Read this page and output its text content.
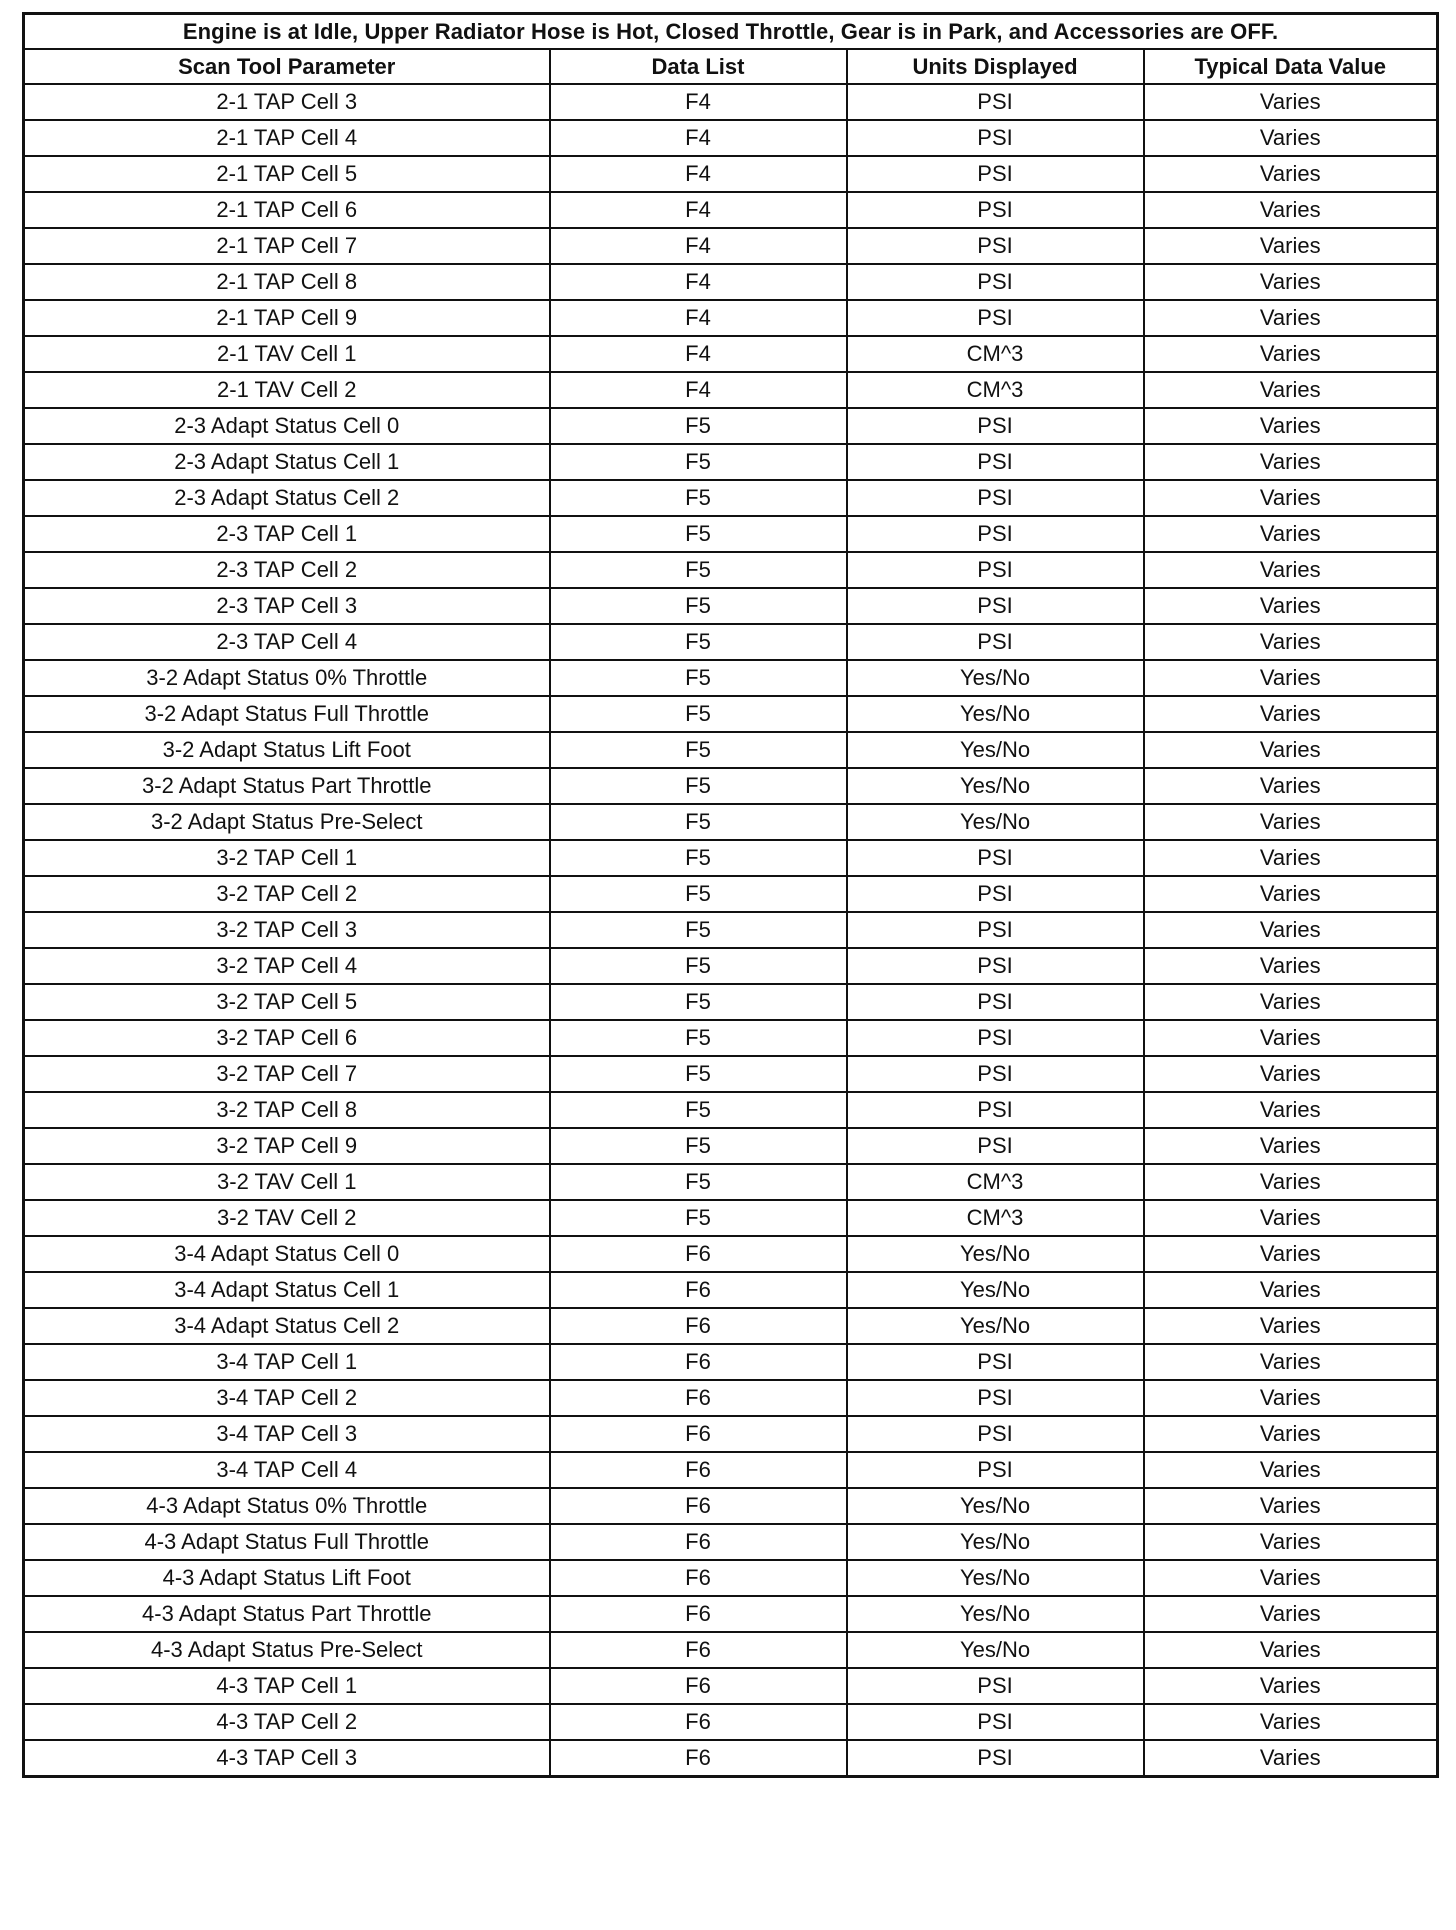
Engine is at Idle, Upper Radiator Hose is Hot, Closed Throttle, Gear is in Park, and Accessories are OFF.			
Scan Tool Parameter	Data List	Units Displayed	Typical Data Value
2-1 TAP Cell 3	F4	PSI	Varies
2-1 TAP Cell 4	F4	PSI	Varies
2-1 TAP Cell 5	F4	PSI	Varies
2-1 TAP Cell 6	F4	PSI	Varies
2-1 TAP Cell 7	F4	PSI	Varies
2-1 TAP Cell 8	F4	PSI	Varies
2-1 TAP Cell 9	F4	PSI	Varies
2-1 TAV Cell 1	F4	CM^3	Varies
2-1 TAV Cell 2	F4	CM^3	Varies
2-3 Adapt Status Cell 0	F5	PSI	Varies
2-3 Adapt Status Cell 1	F5	PSI	Varies
2-3 Adapt Status Cell 2	F5	PSI	Varies
2-3 TAP Cell 1	F5	PSI	Varies
2-3 TAP Cell 2	F5	PSI	Varies
2-3 TAP Cell 3	F5	PSI	Varies
2-3 TAP Cell 4	F5	PSI	Varies
3-2 Adapt Status 0% Throttle	F5	Yes/No	Varies
3-2 Adapt Status Full Throttle	F5	Yes/No	Varies
3-2 Adapt Status Lift Foot	F5	Yes/No	Varies
3-2 Adapt Status Part Throttle	F5	Yes/No	Varies
3-2 Adapt Status Pre-Select	F5	Yes/No	Varies
3-2 TAP Cell 1	F5	PSI	Varies
3-2 TAP Cell 2	F5	PSI	Varies
3-2 TAP Cell 3	F5	PSI	Varies
3-2 TAP Cell 4	F5	PSI	Varies
3-2 TAP Cell 5	F5	PSI	Varies
3-2 TAP Cell 6	F5	PSI	Varies
3-2 TAP Cell 7	F5	PSI	Varies
3-2 TAP Cell 8	F5	PSI	Varies
3-2 TAP Cell 9	F5	PSI	Varies
3-2 TAV Cell 1	F5	CM^3	Varies
3-2 TAV Cell 2	F5	CM^3	Varies
3-4 Adapt Status Cell 0	F6	Yes/No	Varies
3-4 Adapt Status Cell 1	F6	Yes/No	Varies
3-4 Adapt Status Cell 2	F6	Yes/No	Varies
3-4 TAP Cell 1	F6	PSI	Varies
3-4 TAP Cell 2	F6	PSI	Varies
3-4 TAP Cell 3	F6	PSI	Varies
3-4 TAP Cell 4	F6	PSI	Varies
4-3 Adapt Status 0% Throttle	F6	Yes/No	Varies
4-3 Adapt Status Full Throttle	F6	Yes/No	Varies
4-3 Adapt Status Lift Foot	F6	Yes/No	Varies
4-3 Adapt Status Part Throttle	F6	Yes/No	Varies
4-3 Adapt Status Pre-Select	F6	Yes/No	Varies
4-3 TAP Cell 1	F6	PSI	Varies
4-3 TAP Cell 2	F6	PSI	Varies
4-3 TAP Cell 3	F6	PSI	Varies
